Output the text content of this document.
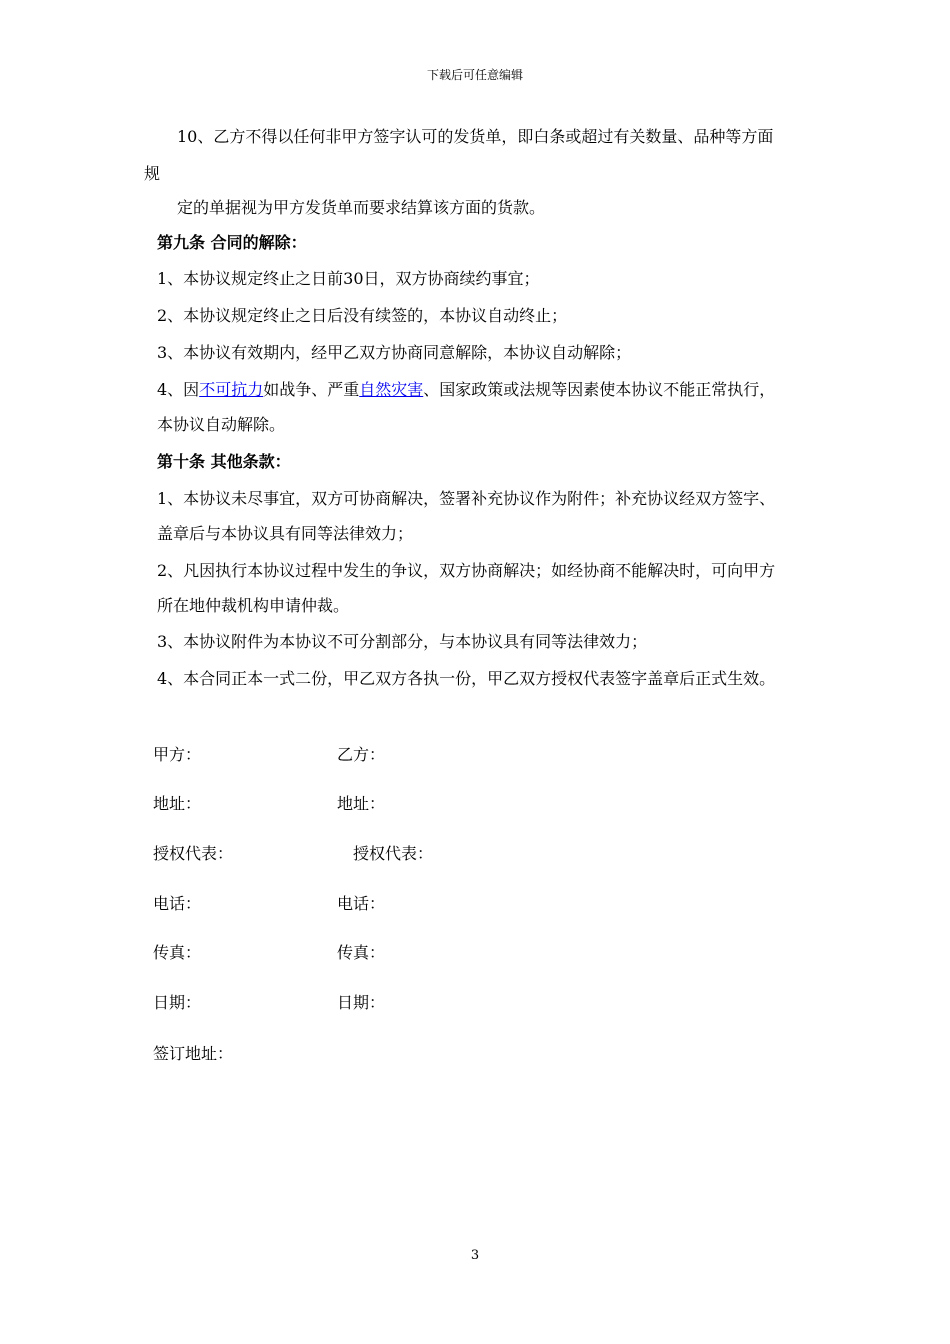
下载后可任意编辑
10、乙方不得以任何非甲方签字认可的发货单，即白条或超过有关数量、品种等方面
规
定的单据视为甲方发货单而要求结算该方面的货款。
第九条 合同的解除：
1、本协议规定终止之日前30日，双方协商续约事宜；
2、本协议规定终止之日后没有续签的，本协议自动终止；
3、本协议有效期内，经甲乙双方协商同意解除，本协议自动解除；
4、因不可抗力如战争、严重自然灾害、国家政策或法规等因素使本协议不能正常执行，
本协议自动解除。
第十条 其他条款：
1、本协议未尽事宜，双方可协商解决，签署补充协议作为附件；补充协议经双方签字、
盖章后与本协议具有同等法律效力；
2、凡因执行本协议过程中发生的争议，双方协商解决；如经协商不能解决时，可向甲方
所在地仲裁机构申请仲裁。
3、本协议附件为本协议不可分割部分，与本协议具有同等法律效力；
4、本合同正本一式二份，甲乙双方各执一份，甲乙双方授权代表签字盖章后正式生效。
甲方：	乙方：
地址：	地址：
授权代表：	授权代表：
电话：	电话：
传真：	传真：
日期：	日期：
签订地址：
3
